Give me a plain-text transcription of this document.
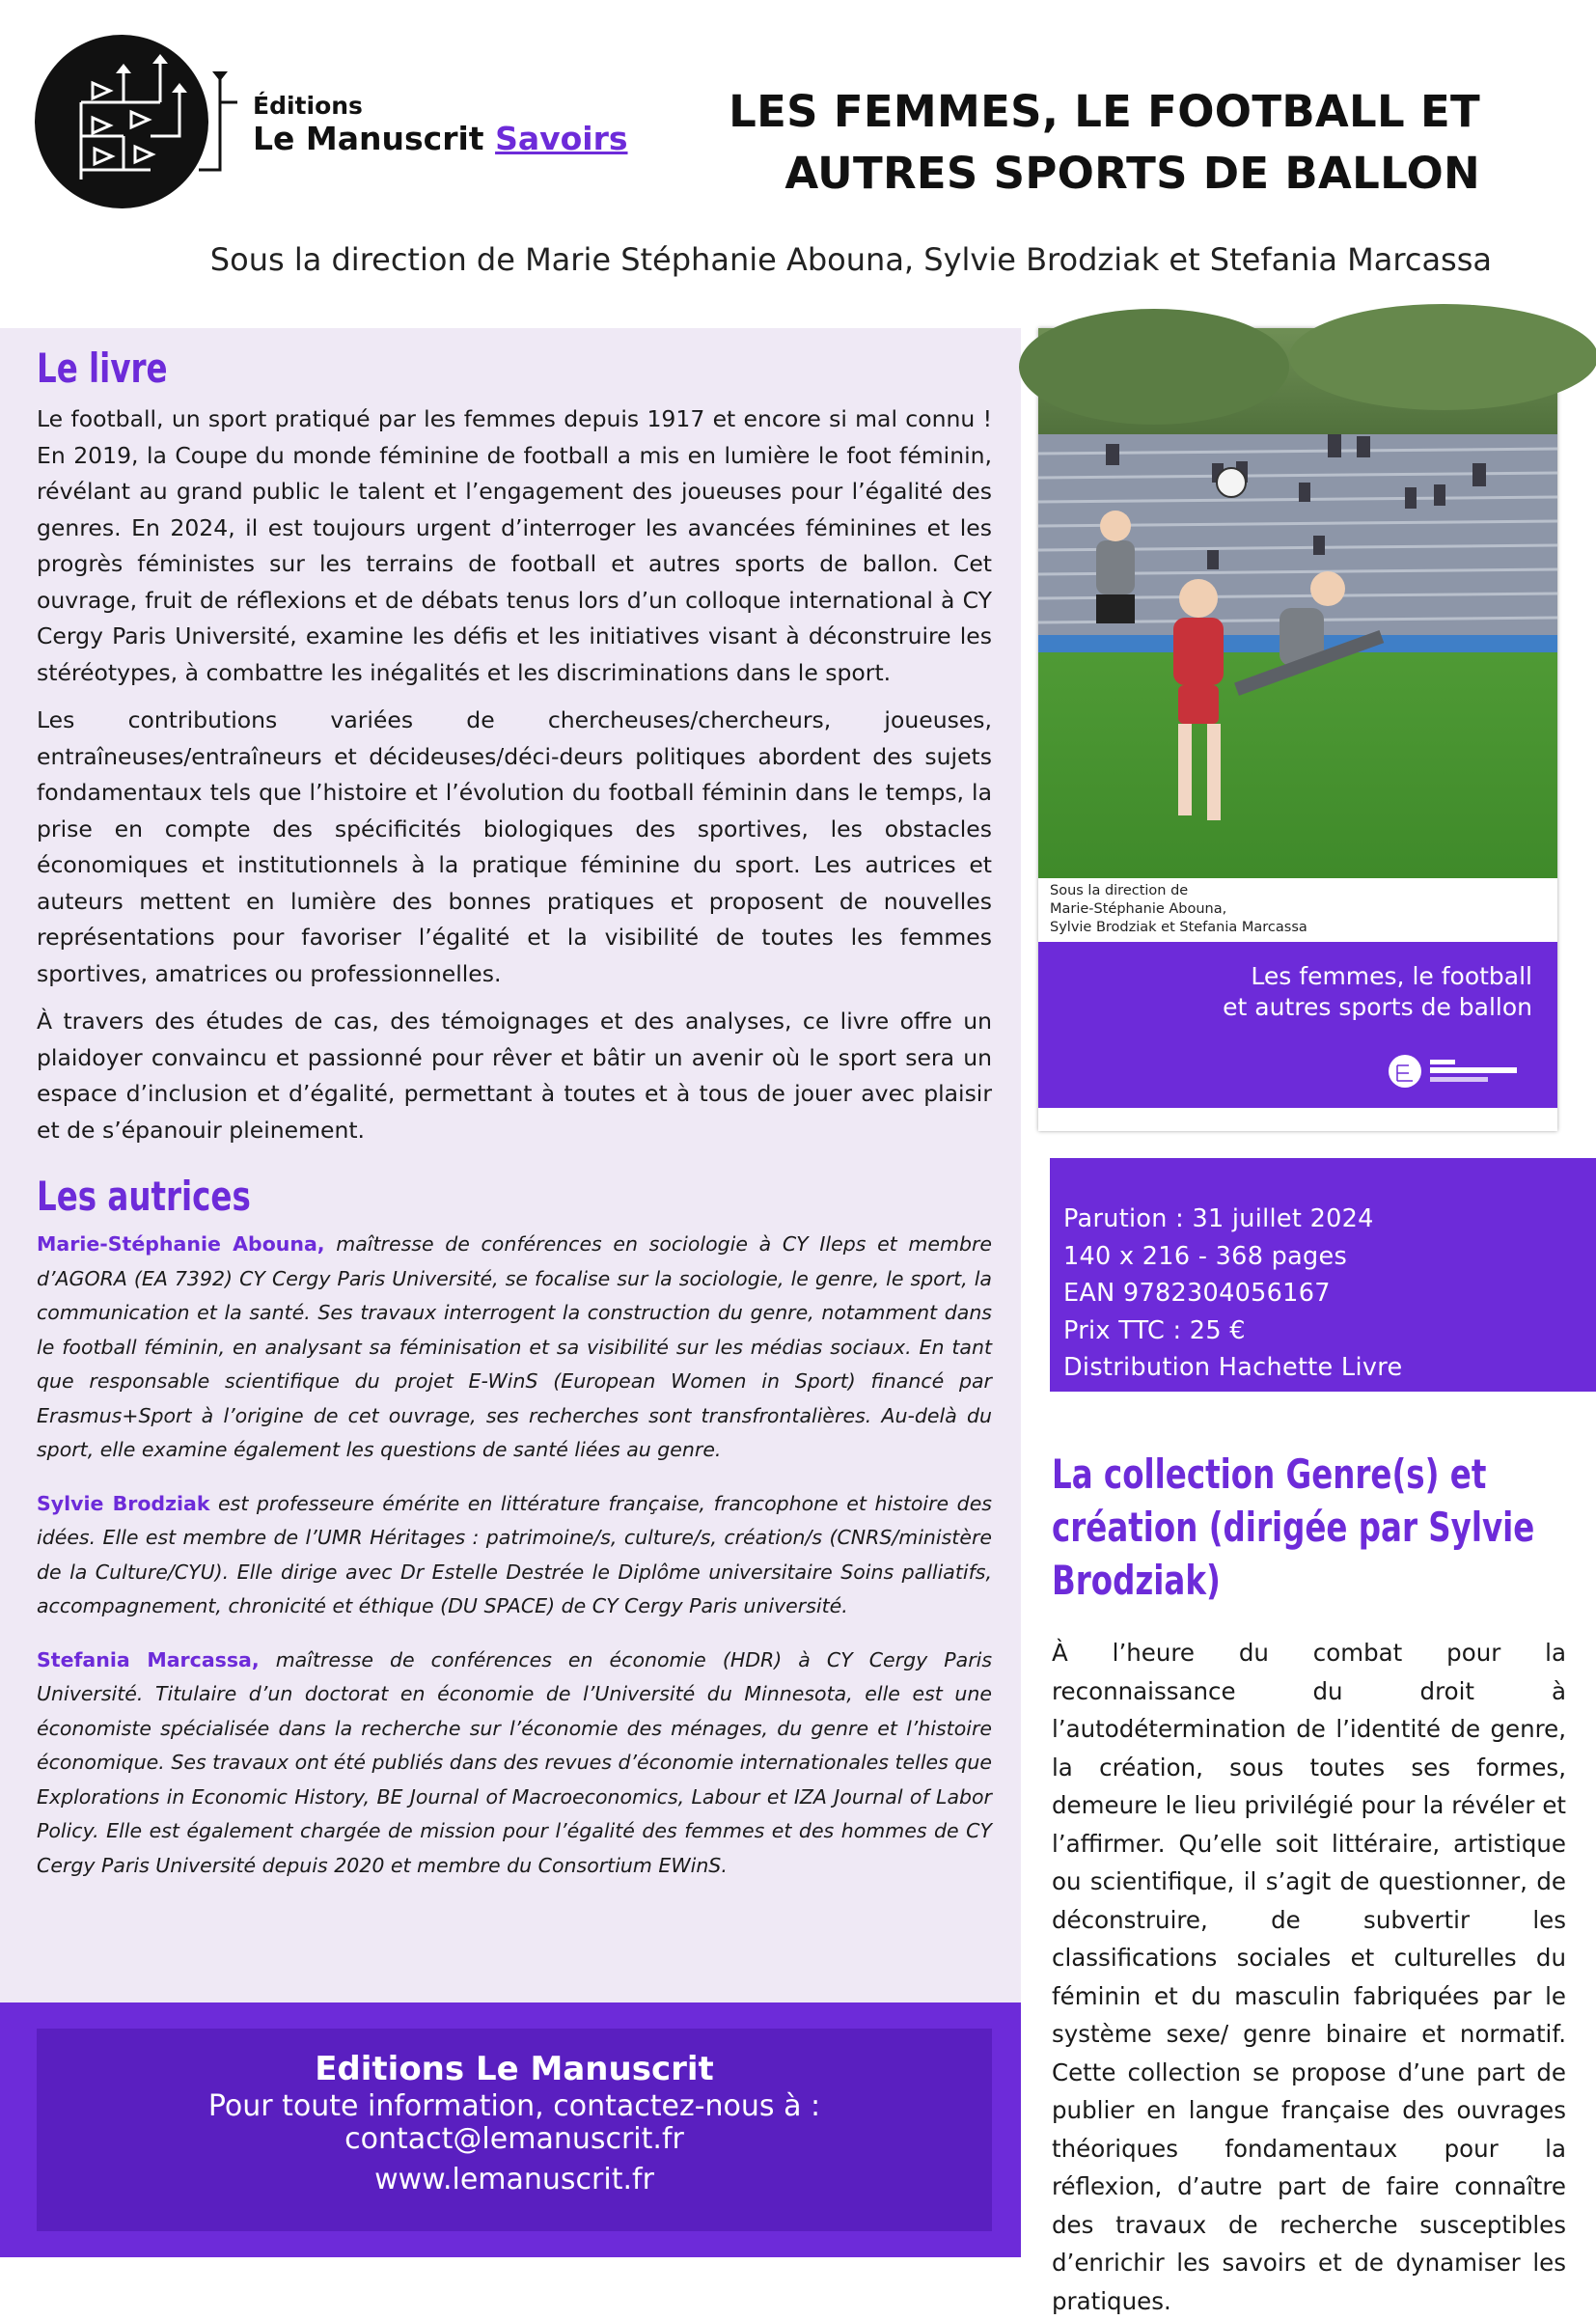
Éditions
Le Manuscrit Savoirs
LES FEMMES, LE FOOTBALL ET
AUTRES SPORTS DE BALLON
Sous la direction de Marie Stéphanie Abouna, Sylvie Brodziak et Stefania Marcassa
Le livre

Le football, un sport pratiqué par les femmes depuis 1917 et encore si mal connu ! En 2019, la Coupe du monde féminine de football a mis en lumière le foot féminin, révélant au grand public le talent et l’engagement des joueuses pour l’égalité des genres. En 2024, il est toujours urgent d’interroger les avancées féminines et les progrès féministes sur les terrains de football et autres sports de ballon. Cet ouvrage, fruit de réflexions et de débats tenus lors d’un colloque international à CY Cergy Paris Université, examine les défis et les initiatives visant à déconstruire les stéréotypes, à combattre les inégalités et les discriminations dans le sport.

Les contributions variées de chercheuses/chercheurs, joueuses, entraîneuses/entraîneurs et décideuses/déci-deurs politiques abordent des sujets fondamentaux tels que l’histoire et l’évolution du football féminin dans le temps, la prise en compte des spécificités biologiques des sportives, les obstacles économiques et institutionnels à la pratique féminine du sport. Les autrices et auteurs mettent en lumière des bonnes pratiques et proposent de nouvelles représentations pour favoriser l’égalité et la visibilité de toutes les femmes sportives, amatrices ou professionnelles.

À travers des études de cas, des témoignages et des analyses, ce livre offre un plaidoyer convaincu et passionné pour rêver et bâtir un avenir où le sport sera un espace d’inclusion et d’égalité, permettant à toutes et à tous de jouer avec plaisir et de s’épanouir pleinement.

Les autrices

Marie-Stéphanie Abouna, maîtresse de conférences en sociologie à CY Ileps et membre d’AGORA (EA 7392) CY Cergy Paris Université, se focalise sur la sociologie, le genre, le sport, la communication et la santé. Ses travaux interrogent la construction du genre, notamment dans le football féminin, en analysant sa féminisation et sa visibilité sur les médias sociaux. En tant que responsable scientifique du projet E-WinS (European Women in Sport) financé par Erasmus+Sport à l’origine de cet ouvrage, ses recherches sont transfrontalières. Au-delà du sport, elle examine également les questions de santé liées au genre.

Sylvie Brodziak est professeure émérite en littérature française, francophone et histoire des idées. Elle est membre de l’UMR Héritages : patrimoine/s, culture/s, création/s (CNRS/ministère de la Culture/CYU). Elle dirige avec Dr Estelle Destrée le Diplôme universitaire Soins palliatifs, accompagnement, chronicité et éthique (DU SPACE) de CY Cergy Paris université.

Stefania Marcassa, maîtresse de conférences en économie (HDR) à CY Cergy Paris Université. Titulaire d’un doctorat en économie de l’Université du Minnesota, elle est une économiste spécialisée dans la recherche sur l’économie des ménages, du genre et l’histoire économique. Ses travaux ont été publiés dans des revues d’économie internationales telles que Explorations in Economic History, BE Journal of Macroeconomics, Labour et IZA Journal of Labor Policy. Elle est également chargée de mission pour l’égalité des femmes et des hommes de CY Cergy Paris Université depuis 2020 et membre du Consortium EWinS.

Editions Le Manuscrit
Pour toute information, contactez-nous à :
contact@lemanuscrit.fr
www.lemanuscrit.fr
Sous la direction de
Marie-Stéphanie Abouna,
Sylvie Brodziak et Stefania Marcassa
Les femmes, le football
et autres sports de ballon
Parution : 31 juillet 2024
140 x 216 - 368 pages
EAN 9782304056167
Prix TTC : 25 €
Distribution Hachette Livre
La collection Genre(s) et création (dirigée par Sylvie Brodziak)
À l’heure du combat pour la reconnaissance du droit à l’autodétermination de l’identité de genre, la création, sous toutes ses formes, demeure le lieu privilégié pour la révéler et l’affirmer. Qu’elle soit littéraire, artistique ou scientifique, il s’agit de questionner, de déconstruire, de subvertir les classifications sociales et culturelles du féminin et du masculin fabriquées par le système sexe/ genre binaire et normatif. Cette collection se propose d’une part de publier en langue française des ouvrages théoriques fondamentaux pour la réflexion, d’autre part de faire connaître des travaux de recherche susceptibles d’enrichir les savoirs et de dynamiser les pratiques.
